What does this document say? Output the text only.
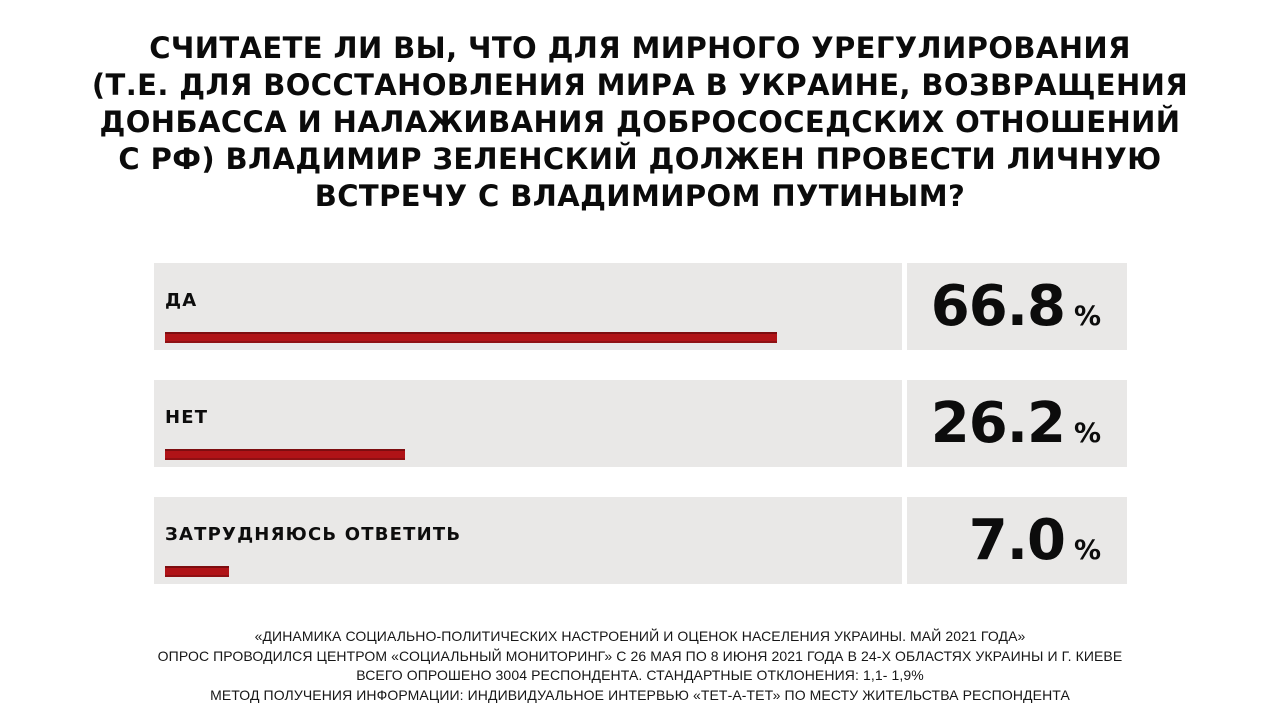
СЧИТАЕТЕ ЛИ ВЫ, ЧТО ДЛЯ МИРНОГО УРЕГУЛИРОВАНИЯ
(Т.Е. ДЛЯ ВОССТАНОВЛЕНИЯ МИРА В УКРАИНЕ, ВОЗВРАЩЕНИЯ
ДОНБАССА И НАЛАЖИВАНИЯ ДОБРОСОСЕДСКИХ ОТНОШЕНИЙ
С РФ) ВЛАДИМИР ЗЕЛЕНСКИЙ ДОЛЖЕН ПРОВЕСТИ ЛИЧНУЮ
ВСТРЕЧУ С ВЛАДИМИРОМ ПУТИНЫМ?
ДА	66.8 %
НЕТ	26.2 %
ЗАТРУДНЯЮСЬ ОТВЕТИТЬ	7.0 %
«ДИНАМИКА СОЦИАЛЬНО-ПОЛИТИЧЕСКИХ НАСТРОЕНИЙ И ОЦЕНОК НАСЕЛЕНИЯ УКРАИНЫ. МАЙ 2021 ГОДА»
ОПРОС ПРОВОДИЛСЯ ЦЕНТРОМ «СОЦИАЛЬНЫЙ МОНИТОРИНГ» С 26 МАЯ ПО 8 ИЮНЯ 2021 ГОДА В 24-Х ОБЛАСТЯХ УКРАИНЫ И Г. КИЕВЕ
ВСЕГО ОПРОШЕНО 3004 РЕСПОНДЕНТА. СТАНДАРТНЫЕ ОТКЛОНЕНИЯ: 1,1- 1,9%
МЕТОД ПОЛУЧЕНИЯ ИНФОРМАЦИИ: ИНДИВИДУАЛЬНОЕ ИНТЕРВЬЮ «ТЕТ-А-ТЕТ» ПО МЕСТУ ЖИТЕЛЬСТВА РЕСПОНДЕНТА
